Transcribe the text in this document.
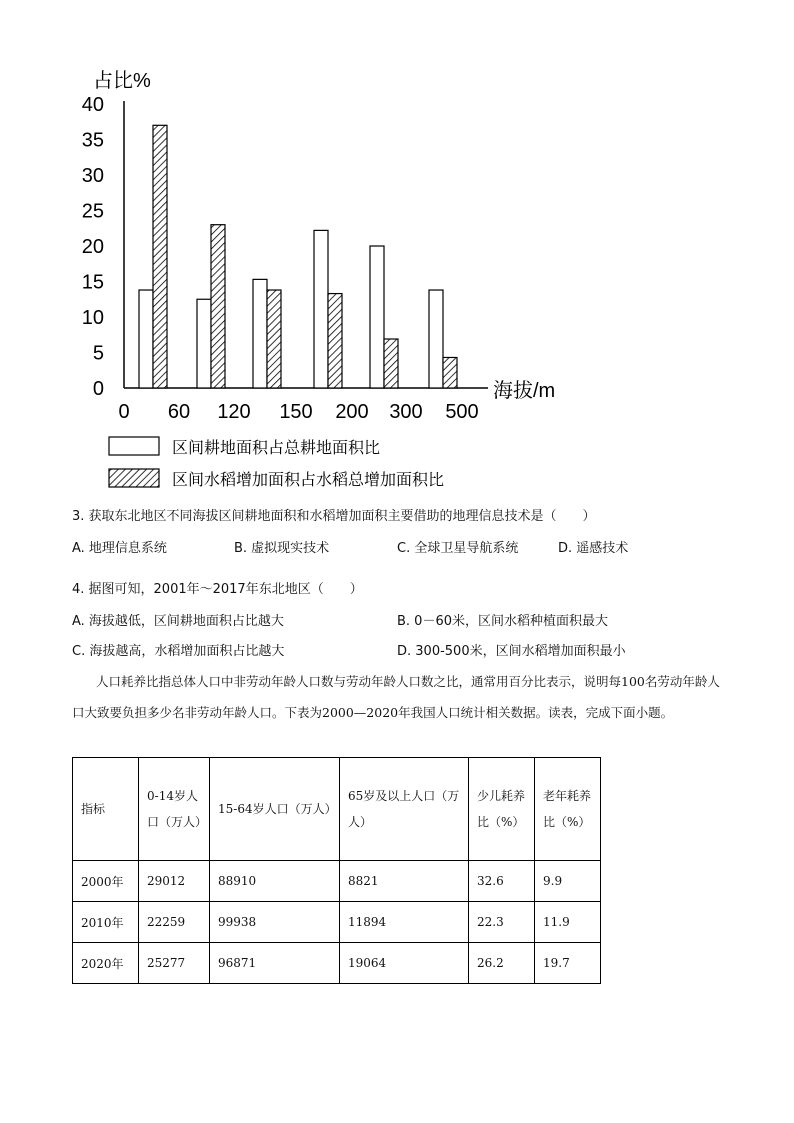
占比%
40
35
30
25
20
15
10
5
0	海拔/m
0 60 120 150 200 300 500
区间耕地面积占总耕地面积比
区间水稻增加面积占水稻总增加面积比
3. 获取东北地区不同海拔区间耕地面积和水稻增加面积主要借助的地理信息技术是（　　）
A. 地理信息系统	B. 虚拟现实技术	C. 全球卫星导航系统	D. 遥感技术
4. 据图可知，2001年～2017年东北地区（　　）
A. 海拔越低，区间耕地面积占比越大	B. 0－60米，区间水稻种植面积最大
C. 海拔越高，水稻增加面积占比越大	D. 300-500米，区间水稻增加面积最小
人口耗养比指总体人口中非劳动年龄人口数与劳动年龄人口数之比，通常用百分比表示，说明每100名劳动年龄人口大致要负担多少名非劳动年龄人口。下表为2000—2020年我国人口统计相关数据。读表，完成下面小题。
指标	0-14岁人口（万人）	15-64岁人口（万人）	65岁及以上人口（万人）	少儿耗养比（%）	老年耗养比（%）
2000年	29012	88910	8821	32.6	9.9
2010年	22259	99938	11894	22.3	11.9
2020年	25277	96871	19064	26.2	19.7
